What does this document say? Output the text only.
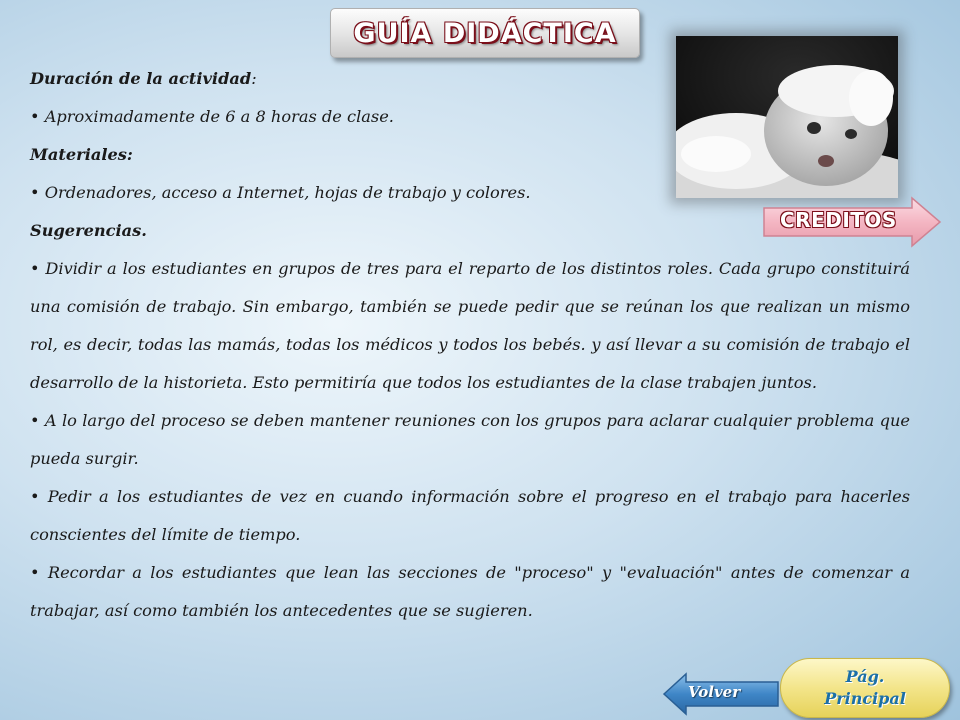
GUÍA DIDÁCTICA
CREDITOS

Duración de la actividad:

• Aproximadamente de 6 a 8 horas de clase.

Materiales:

• Ordenadores, acceso a Internet, hojas de trabajo y colores.

Sugerencias.

• Dividir a los estudiantes en grupos de tres para el reparto de los distintos roles. Cada grupo constituirá una comisión de trabajo. Sin embargo, también se puede pedir que se reúnan los que realizan un mismo rol, es decir, todas las mamás, todas los médicos y todos los bebés. y así llevar a su comisión de trabajo el desarrollo de la historieta. Esto permitiría que todos los estudiantes de la clase trabajen juntos.

• A lo largo del proceso se deben mantener reuniones con los grupos para aclarar cualquier problema que pueda surgir.

• Pedir a los estudiantes de vez en cuando información sobre el progreso en el trabajo para hacerles conscientes del límite de tiempo.

• Recordar a los estudiantes que lean las secciones de "proceso" y "evaluación" antes de comenzar a trabajar, así como también los antecedentes que se sugieren.

Volver
Pág.
Principal
